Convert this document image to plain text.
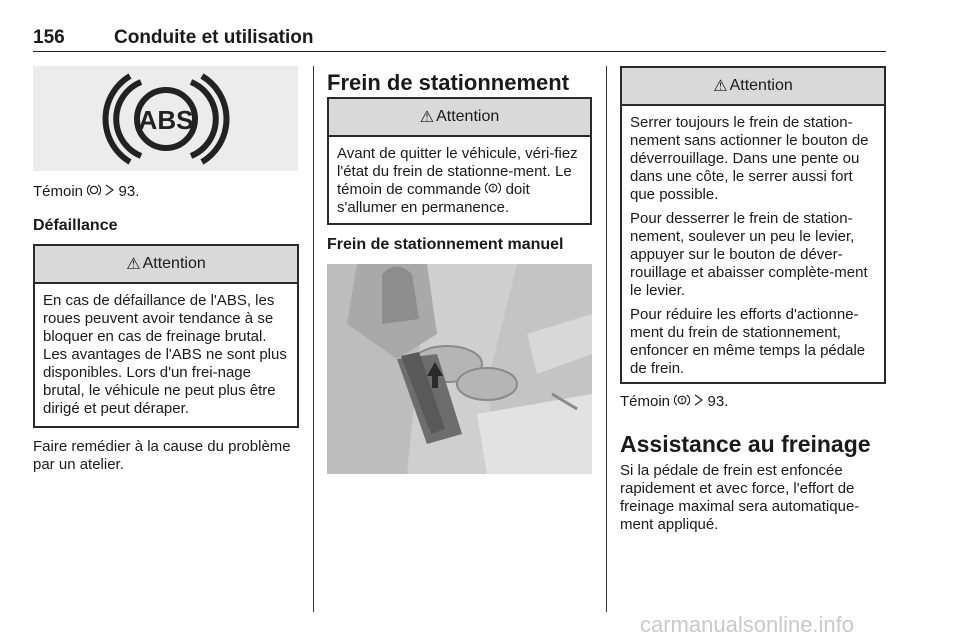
156	Conduite et utilisation
ABS
Témoin 93.
Défaillance
⚠ Attention

En cas de défaillance de l'ABS, les roues peuvent avoir tendance à se bloquer en cas de freinage brutal. Les avantages de l'ABS ne sont plus disponibles. Lors d'un frei-nage brutal, le véhicule ne peut plus être dirigé et peut déraper.

Faire remédier à la cause du problème par un atelier.
Frein de stationnement
⚠ Attention

Avant de quitter le véhicule, véri-fiez l'état du frein de stationne-ment. Le témoin de commande doit s'allumer en permanence.

Frein de stationnement manuel
⚠ Attention

Serrer toujours le frein de station-nement sans actionner le bouton de déverrouillage. Dans une pente ou dans une côte, le serrer aussi fort que possible.

Pour desserrer le frein de station-nement, soulever un peu le levier, appuyer sur le bouton de déver-rouillage et abaisser complète-ment le levier.

Pour réduire les efforts d'actionne-ment du frein de stationnement, enfoncer en même temps la pédale de frein.

Témoin	93.
Assistance au freinage
Si la pédale de frein est enfoncée rapidement et avec force, l'effort de freinage maximal sera automatique-ment appliqué.
carmanualsonline.info
